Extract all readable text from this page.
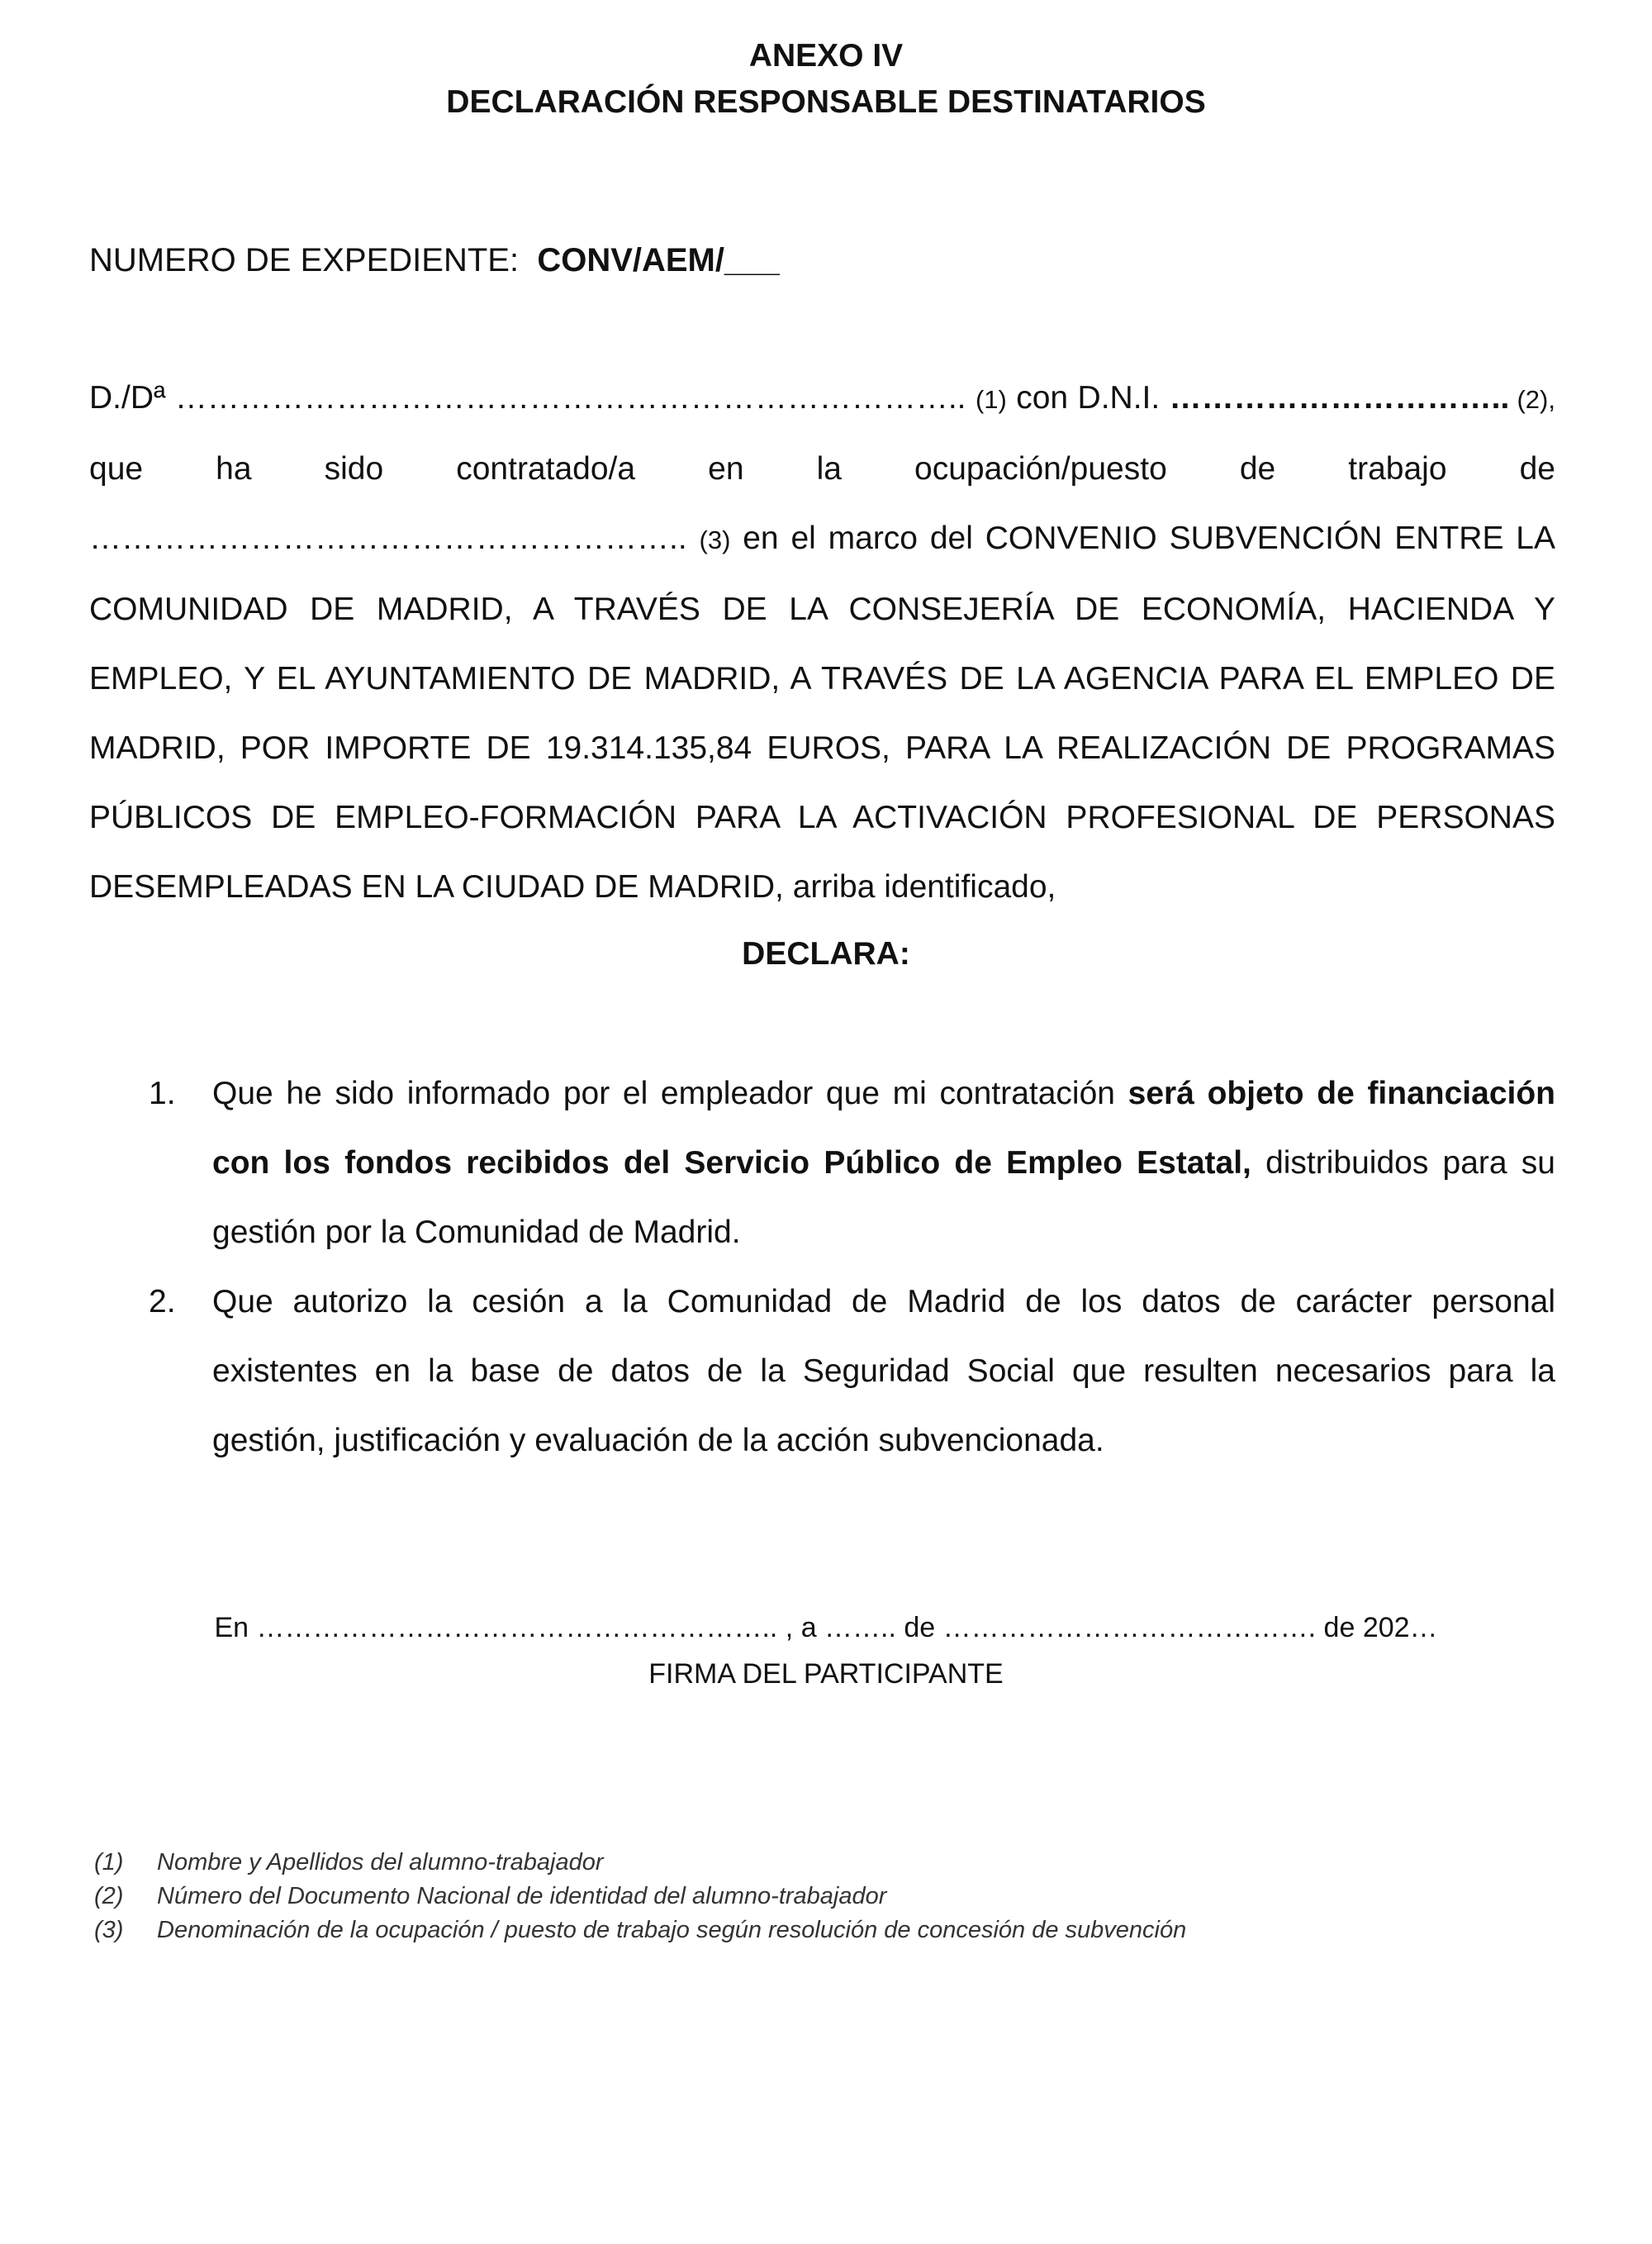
ANEXO IV
DECLARACIÓN RESPONSABLE DESTINATARIOS
NUMERO DE EXPEDIENTE: CONV/AEM/___
D./Dª ……………………………………………………………….. (1) con D.N.I. ………………………….. (2), que ha sido contratado/a en la ocupación/puesto de trabajo de ……………………………………………….. (3) en el marco del CONVENIO SUBVENCIÓN ENTRE LA COMUNIDAD DE MADRID, A TRAVÉS DE LA CONSEJERÍA DE ECONOMÍA, HACIENDA Y EMPLEO, Y EL AYUNTAMIENTO DE MADRID, A TRAVÉS DE LA AGENCIA PARA EL EMPLEO DE MADRID, POR IMPORTE DE 19.314.135,84 EUROS, PARA LA REALIZACIÓN DE PROGRAMAS PÚBLICOS DE EMPLEO-FORMACIÓN PARA LA ACTIVACIÓN PROFESIONAL DE PERSONAS DESEMPLEADAS EN LA CIUDAD DE MADRID, arriba identificado,
DECLARA:
1.	Que he sido informado por el empleador que mi contratación será objeto de financiación con los fondos recibidos del Servicio Público de Empleo Estatal, distribuidos para su gestión por la Comunidad de Madrid.
2.	Que autorizo la cesión a la Comunidad de Madrid de los datos de carácter personal existentes en la base de datos de la Seguridad Social que resulten necesarios para la gestión, justificación y evaluación de la acción subvencionada.
En ……………………………………………….. , a …….. de …………………………………. de 202…
FIRMA DEL PARTICIPANTE
(1)	Nombre y Apellidos del alumno-trabajador
(2)	Número del Documento Nacional de identidad del alumno-trabajador
(3)	Denominación de la ocupación / puesto de trabajo según resolución de concesión de subvención
